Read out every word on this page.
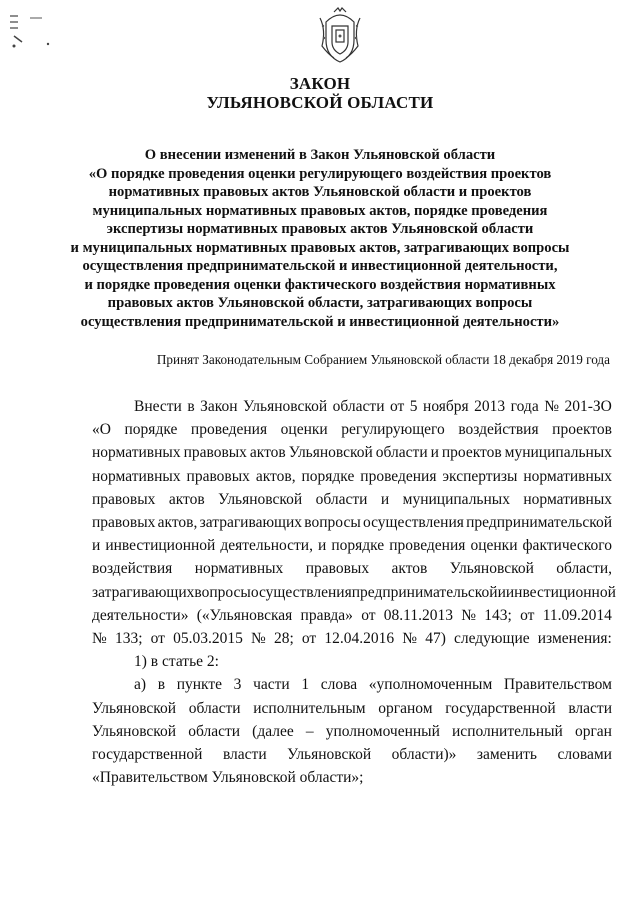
ЗАКОН
УЛЬЯНОВСКОЙ ОБЛАСТИ
О внесении изменений в Закон Ульяновской области
«О порядке проведения оценки регулирующего воздействия проектов
нормативных правовых актов Ульяновской области и проектов
муниципальных нормативных правовых актов, порядке проведения
экспертизы нормативных правовых актов Ульяновской области
и муниципальных нормативных правовых актов, затрагивающих вопросы
осуществления предпринимательской и инвестиционной деятельности,
и порядке проведения оценки фактического воздействия нормативных
правовых актов Ульяновской области, затрагивающих вопросы
осуществления предпринимательской и инвестиционной деятельности»
Принят Законодательным Собранием Ульяновской области 18 декабря 2019 года
Внести в Закон Ульяновской области от 5 ноября 2013 года № 201-ЗО
«О порядке проведения оценки регулирующего воздействия проектов
нормативных правовых актов Ульяновской области и проектов муниципальных
нормативных правовых актов, порядке проведения экспертизы нормативных
правовых актов Ульяновской области и муниципальных нормативных
правовых актов, затрагивающих вопросы осуществления предпринимательской
и инвестиционной деятельности, и порядке проведения оценки фактического
воздействия нормативных правовых актов Ульяновской области,
затрагивающих вопросы осуществления предпринимательской и инвестиционной
деятельности» («Ульяновская правда» от 08.11.2013 № 143; от 11.09.2014
№ 133; от 05.03.2015 № 28; от 12.04.2016 № 47) следующие изменения:
1) в статье 2:
а) в пункте 3 части 1 слова «уполномоченным Правительством
Ульяновской области исполнительным органом государственной власти
Ульяновской области (далее – уполномоченный исполнительный орган
государственной власти Ульяновской области)» заменить словами
«Правительством Ульяновской области»;
